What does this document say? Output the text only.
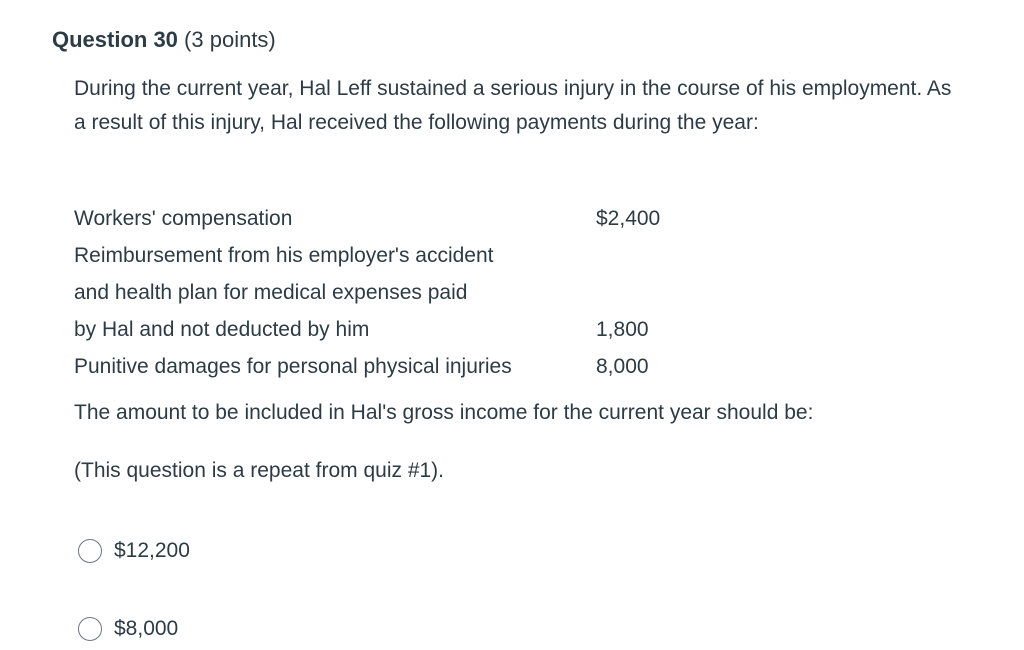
Question 30 (3 points)
During the current year, Hal Leff sustained a serious injury in the course of his employment. As a result of this injury, Hal received the following payments during the year:
Workers' compensation	$2,400
Reimbursement from his employer's accident
and health plan for medical expenses paid
by Hal and not deducted by him	1,800
Punitive damages for personal physical injuries	8,000
The amount to be included in Hal's gross income for the current year should be:
(This question is a repeat from quiz #1).
$12,200
$8,000
